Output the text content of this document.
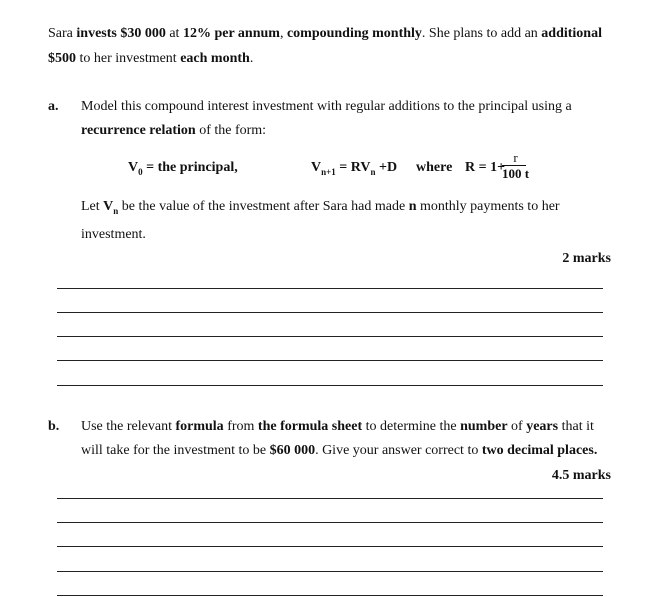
Sara invests $30 000 at 12% per annum, compounding monthly. She plans to add an additional
$500 to her investment each month.
a. Model this compound interest investment with regular additions to the principal using a
recurrence relation of the form:
$V_0$ = the principal,	$V_{n+1} = RV_n +D$ where R = 1+
$\frac{r}{100 t}$
Let $V_n$ be the value of the investment after Sara had made n monthly payments to her
investment.
2 marks
b. Use the relevant formula from the formula sheet to determine the number of years that it
will take for the investment to be $60 000. Give your answer correct to two decimal places.
4.5 marks
